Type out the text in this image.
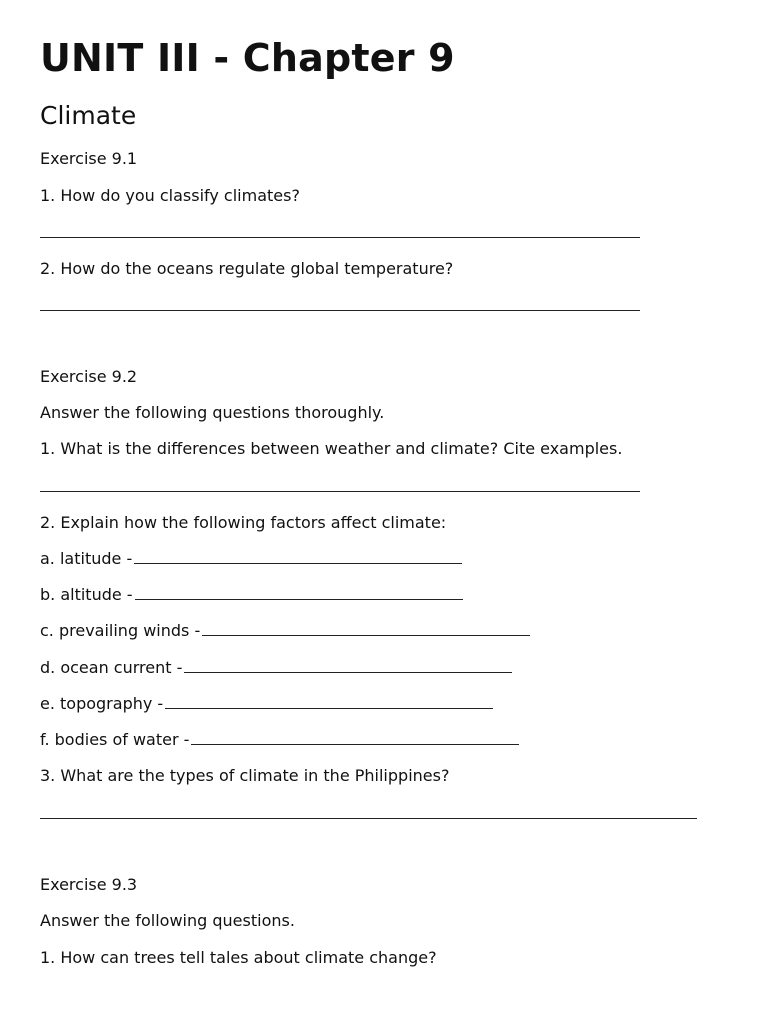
UNIT III - Chapter 9
Climate
Exercise 9.1
1. How do you classify climates?
2. How do the oceans regulate global temperature?
Exercise 9.2
Answer the following questions thoroughly.
1. What is the differences between weather and climate? Cite examples.
2. Explain how the following factors affect climate:
a. latitude -
b. altitude -
c. prevailing winds -
d. ocean current -
e. topography -
f. bodies of water -
3. What are the types of climate in the Philippines?
Exercise 9.3
Answer the following questions.
1. How can trees tell tales about climate change?
